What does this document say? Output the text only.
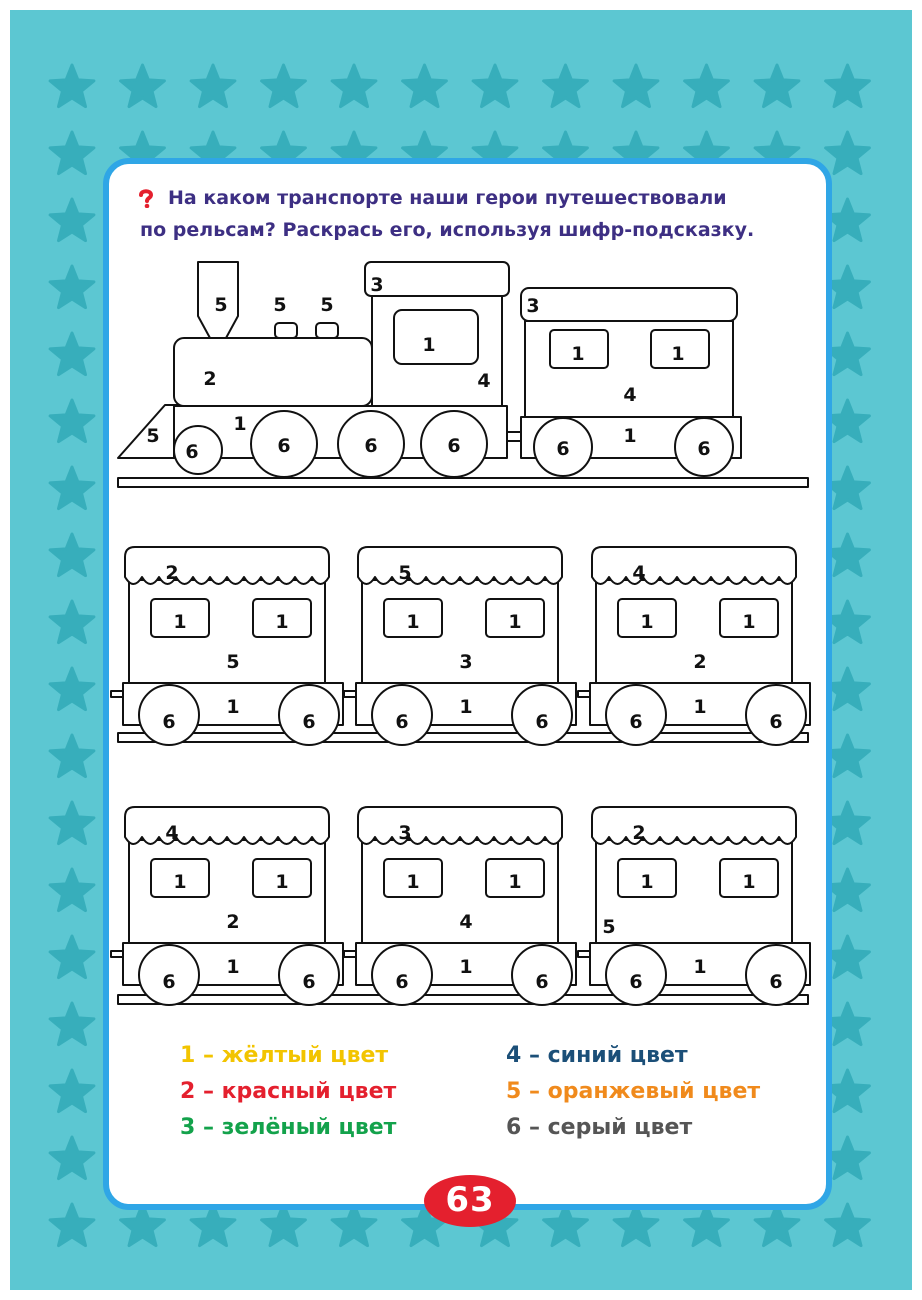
На каком транспорте наши герои путешествовали

по рельсам? Раскрась его, используя шифр-подсказку.

5 5 5
3
1
4
2
5
1
6	6	6	6
3
1	1
4
1
6	6
2
1	1
5
1
6	6
5
1	1
3
1
6	6
4
1	1
2
1
6	6
4
1	1
2
1
6	6
3
1	1
4
1
6	6
2
1	1
5
1
6	6
1 – жёлтый цвет
2 – красный цвет
3 – зелёный цвет
4 – синий цвет
5 – оранжевый цвет
6 – серый цвет
63
